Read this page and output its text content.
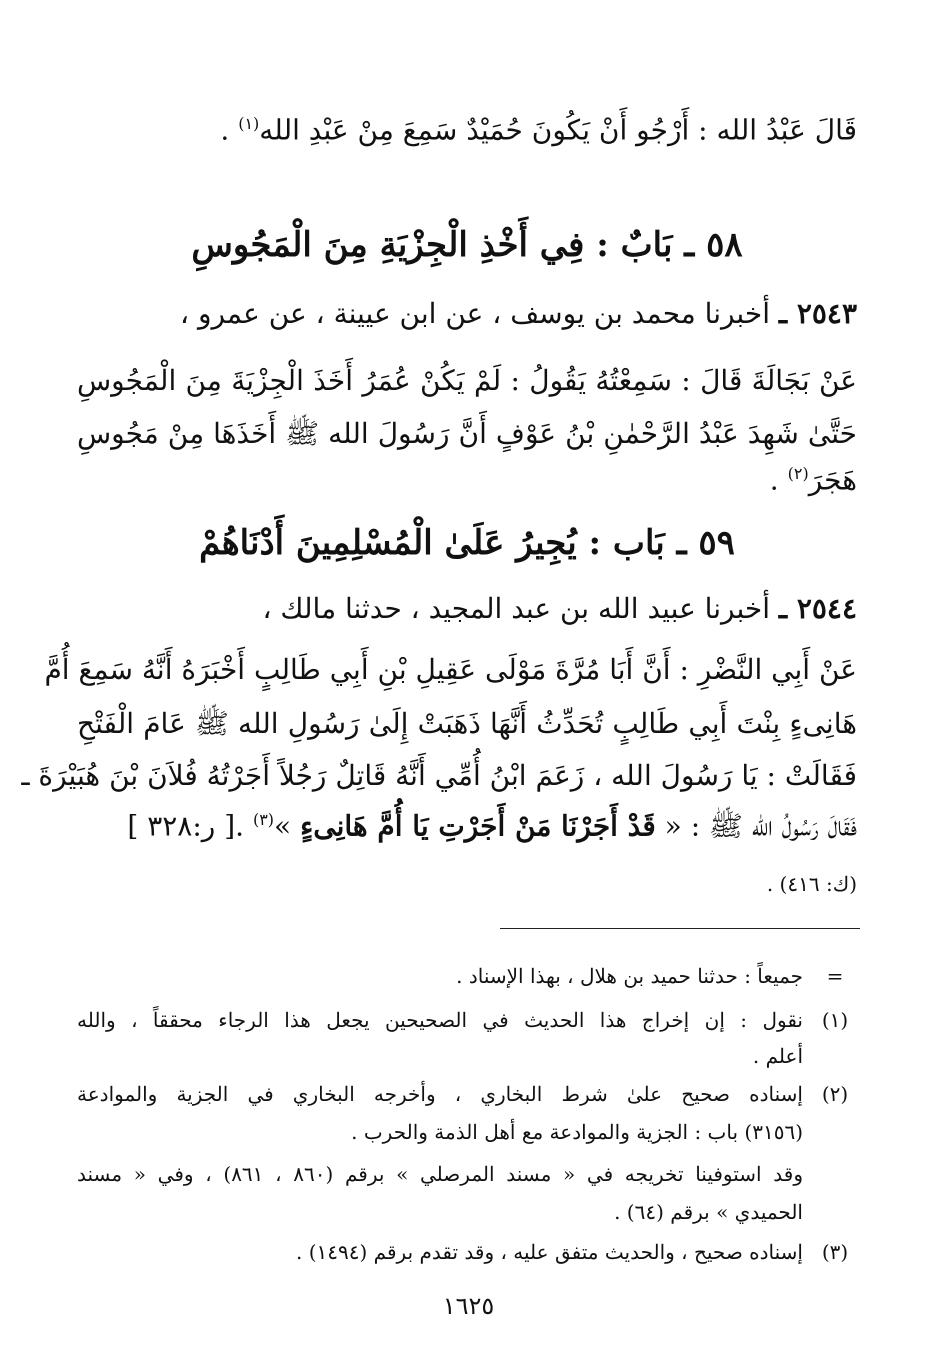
قَالَ عَبْدُ الله : أَرْجُو أَنْ يَكُونَ حُمَيْدٌ سَمِعَ مِنْ عَبْدِ الله$^{(١)}$ .
٥٨ ـ بَابٌ : فِي أَخْذِ الْجِزْيَةِ مِنَ الْمَجُوسِ
٢٥٤٣ ـ أخبرنا محمد بن يوسف ، عن ابن عيينة ، عن عمرو ،
عَنْ بَجَالَةَ قَالَ : سَمِعْتُهُ يَقُولُ : لَمْ يَكُنْ عُمَرُ أَخَذَ الْجِزْيَةَ مِنَ الْمَجُوسِ
حَتَّىٰ شَهِدَ عَبْدُ الرَّحْمٰنِ بْنُ عَوْفٍ أَنَّ رَسُولَ الله ﷺ أَخَذَهَا مِنْ مَجُوسِ
هَجَرَ$^{(٢)}$ .
٥٩ ـ بَاب : يُجِيرُ عَلَىٰ الْمُسْلِمِينَ أَدْنَاهُمْ
٢٥٤٤ ـ أخبرنا عبيد الله بن عبد المجيد ، حدثنا مالك ،
عَنْ أَبِي النَّضْرِ : أَنَّ أَبَا مُرَّةَ مَوْلَى عَقِيلِ بْنِ أَبِي طَالِبٍ أَخْبَرَهُ أَنَّهُ سَمِعَ أُمَّ
هَانِىءٍ بِنْتَ أَبِي طَالِبٍ تُحَدِّثُ أَنَّهَا ذَهَبَتْ إِلَىٰ رَسُولِ الله ﷺ عَامَ الْفَتْحِ
فَقَالَتْ : يَا رَسُولَ الله ، زَعَمَ ابْنُ أُمِّي أَنَّهُ قَاتِلٌ رَجُلاً أَجَرْتُهُ فُلاَنَ بْنَ هُبَيْرَةَ ـ
فَقَالَ رَسُولُ الله ﷺ : « قَدْ أَجَرْنَا مَنْ أَجَرْتِ يَا أُمَّ هَانِىءٍ »$^{(٣)}$ .[ ر:٣٢٨ ]
(ك: ٤١٦) .
=
جميعاً : حدثنا حميد بن هلال ، بهذا الإسناد .
(١)
نقول : إن إخراج هذا الحديث في الصحيحين يجعل هذا الرجاء محققاً ، والله
أعلم .
(٢)
إسناده صحيح علىٰ شرط البخاري ، وأخرجه البخاري في الجزية والموادعة
(٣١٥٦) باب : الجزية والموادعة مع أهل الذمة والحرب .
وقد استوفينا تخريجه في « مسند المرصلي » برقم (٨٦٠ ، ٨٦١) ، وفي « مسند
الحميدي » برقم (٦٤) .
(٣)
إسناده صحيح ، والحديث متفق عليه ، وقد تقدم برقم (١٤٩٤) .
١٦٢٥
